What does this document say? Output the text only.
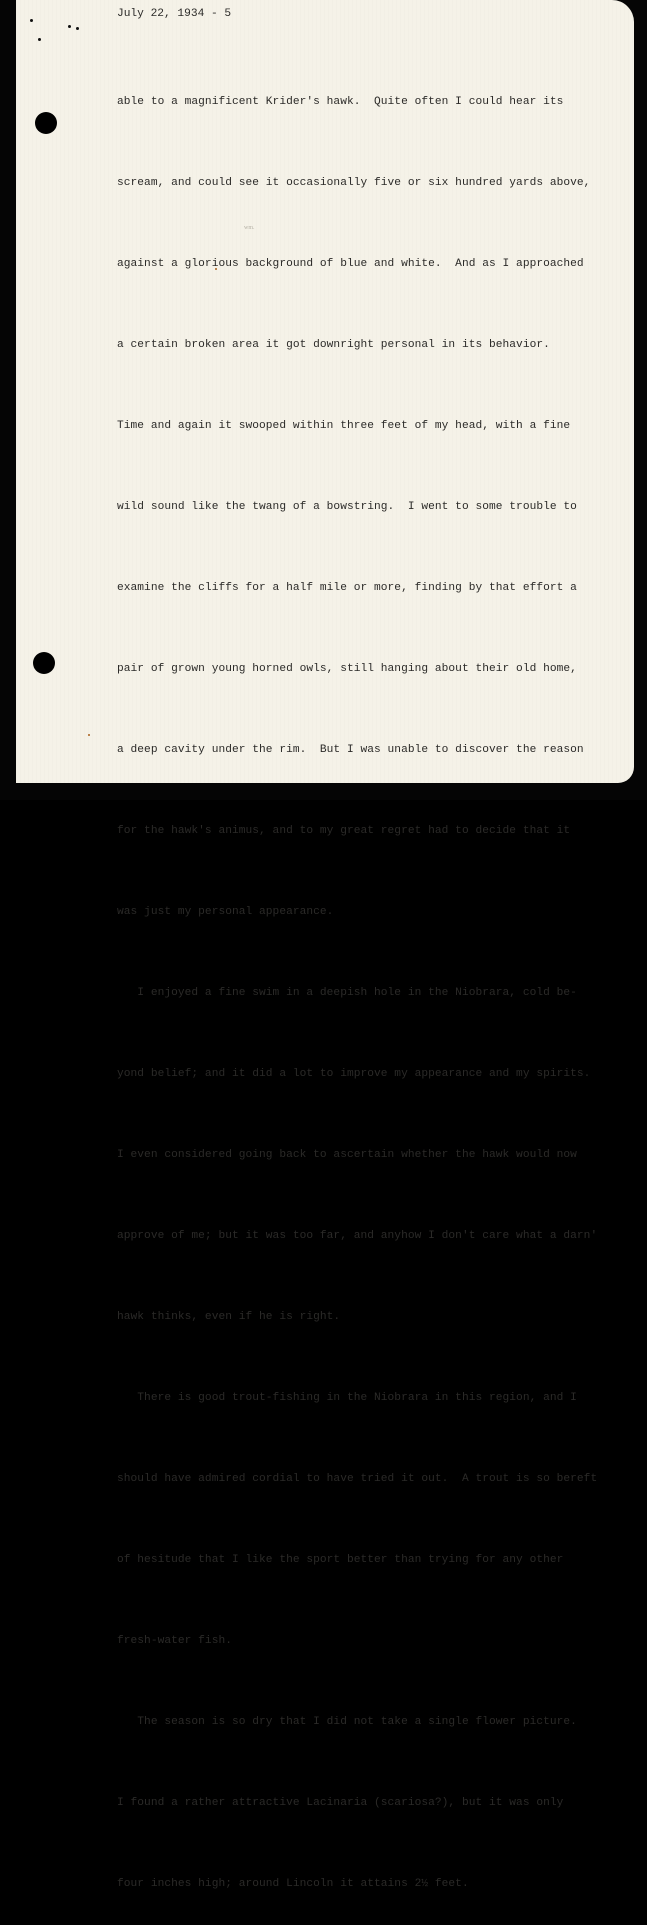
July 22, 1934 - 5
wm.

able to a magnificent Krider's hawk.  Quite often I could hear its

scream, and could see it occasionally five or six hundred yards above,

against a glorious background of blue and white.  And as I approached

a certain broken area it got downright personal in its behavior.

Time and again it swooped within three feet of my head, with a fine

wild sound like the twang of a bowstring.  I went to some trouble to

examine the cliffs for a half mile or more, finding by that effort a

pair of grown young horned owls, still hanging about their old home,

a deep cavity under the rim.  But I was unable to discover the reason

for the hawk's animus, and to my great regret had to decide that it

was just my personal appearance.

I enjoyed a fine swim in a deepish hole in the Niobrara, cold be-

yond belief; and it did a lot to improve my appearance and my spirits.

I even considered going back to ascertain whether the hawk would now

approve of me; but it was too far, and anyhow I don't care what a darn'

hawk thinks, even if he is right.

There is good trout-fishing in the Niobrara in this region, and I

should have admired cordial to have tried it out.  A trout is so bereft

of hesitude that I like the sport better than trying for any other

fresh-water fish.

The season is so dry that I did not take a single flower picture.

I found a rather attractive Lacinaria (scariosa?), but it was only

four inches high; around Lincoln it attains 2½ feet.
